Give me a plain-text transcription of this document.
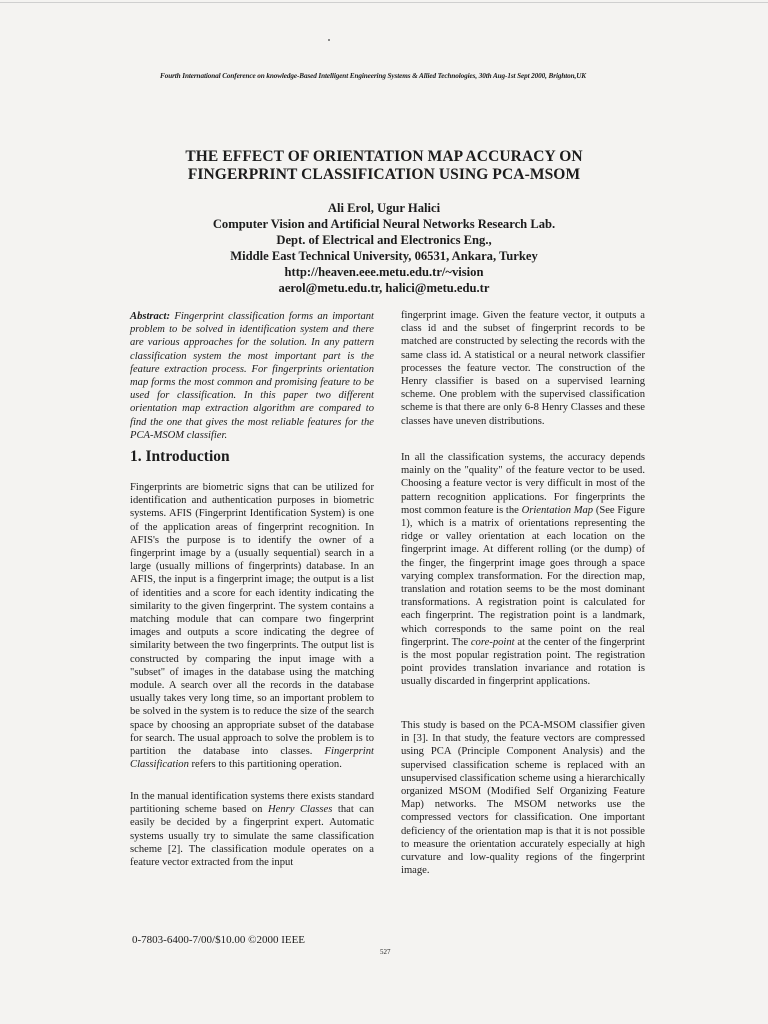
Fourth International Conference on knowledge-Based Intelligent Engineering Systems & Allied Technologies, 30th Aug-1st Sept 2000, Brighton,UK
THE EFFECT OF ORIENTATION MAP ACCURACY ON
FINGERPRINT CLASSIFICATION USING PCA-MSOM
Ali Erol, Ugur Halici
Computer Vision and Artificial Neural Networks Research Lab.
Dept. of Electrical and Electronics Eng.,
Middle East Technical University, 06531, Ankara, Turkey
http://heaven.eee.metu.edu.tr/~vision
aerol@metu.edu.tr, halici@metu.edu.tr
Abstract: Fingerprint classification forms an important problem to be solved in identification system and there are various approaches for the solution. In any pattern classification system the most important part is the feature extraction process. For fingerprints orientation map forms the most common and promising feature to be used for classification. In this paper two different orientation map extraction algorithm are compared to find the one that gives the most reliable features for the PCA-MSOM classifier.
1. Introduction
Fingerprints are biometric signs that can be utilized for identification and authentication purposes in biometric systems. AFIS (Fingerprint Identification System) is one of the application areas of fingerprint recognition. In AFIS's the purpose is to identify the owner of a fingerprint image by a (usually sequential) search in a large (usually millions of fingerprints) database. In an AFIS, the input is a fingerprint image; the output is a list of identities and a score for each identity indicating the similarity to the given fingerprint. The system contains a matching module that can compare two fingerprint images and outputs a score indicating the degree of similarity between the two fingerprints. The output list is constructed by comparing the input image with a "subset" of images in the database using the matching module. A search over all the records in the database usually takes very long time, so an important problem to be solved in the system is to reduce the size of the search space by choosing an appropriate subset of the database for search. The usual approach to solve the problem is to partition the database into classes. Fingerprint Classification refers to this partitioning operation.
In the manual identification systems there exists standard partitioning scheme based on Henry Classes that can easily be decided by a fingerprint expert. Automatic systems usually try to simulate the same classification scheme [2]. The classification module operates on a feature vector extracted from the input
fingerprint image. Given the feature vector, it outputs a class id and the subset of fingerprint records to be matched are constructed by selecting the records with the same class id. A statistical or a neural network classifier processes the feature vector. The construction of the Henry classifier is based on a supervised learning scheme. One problem with the supervised classification scheme is that there are only 6-8 Henry Classes and these classes have uneven distributions.
In all the classification systems, the accuracy depends mainly on the "quality" of the feature vector to be used. Choosing a feature vector is very difficult in most of the pattern recognition applications. For fingerprints the most common feature is the Orientation Map (See Figure 1), which is a matrix of orientations representing the ridge or valley orientation at each location on the fingerprint image. At different rolling (or the dump) of the finger, the fingerprint image goes through a space varying complex transformation. For the direction map, translation and rotation seems to be the most dominant transformations. A registration point is calculated for each fingerprint. The registration point is a landmark, which corresponds to the same point on the real fingerprint. The core-point at the center of the fingerprint is the most popular registration point. The registration point provides translation invariance and rotation is usually discarded in fingerprint applications.
This study is based on the PCA-MSOM classifier given in [3]. In that study, the feature vectors are compressed using PCA (Principle Component Analysis) and the supervised classification scheme is replaced with an unsupervised classification scheme using a hierarchically organized MSOM (Modified Self Organizing Feature Map) networks. The MSOM networks use the compressed vectors for classification. One important deficiency of the orientation map is that it is not possible to measure the orientation accurately especially at high curvature and low-quality regions of the fingerprint image.
0-7803-6400-7/00/$10.00 ©2000 IEEE
527
